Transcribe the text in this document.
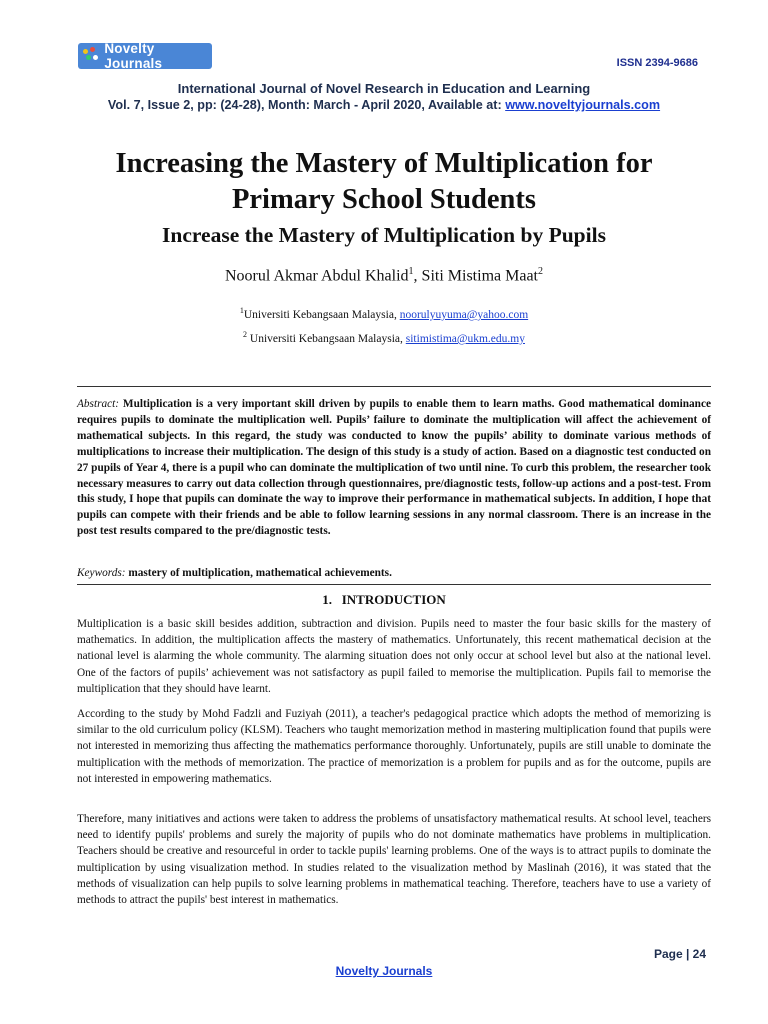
Novelty Journals	ISSN 2394-9686
International Journal of Novel Research in Education and Learning
Vol. 7, Issue 2, pp: (24-28), Month: March - April 2020, Available at: www.noveltyjournals.com
Increasing the Mastery of Multiplication for
Primary School Students
Increase the Mastery of Multiplication by Pupils
Noorul Akmar Abdul Khalid$^1$, Siti Mistima Maat$^2$
$^1$Universiti Kebangsaan Malaysia, noorulyuyuma@yahoo.com
$^2$ Universiti Kebangsaan Malaysia, sitimistima@ukm.edu.my
Abstract: Multiplication is a very important skill driven by pupils to enable them to learn maths. Good mathematical dominance requires pupils to dominate the multiplication well. Pupils’ failure to dominate the multiplication will affect the achievement of mathematical subjects. In this regard, the study was conducted to know the pupils’ ability to dominate various methods of multiplications to increase their multiplication. The design of this study is a study of action. Based on a diagnostic test conducted on 27 pupils of Year 4, there is a pupil who can dominate the multiplication of two until nine. To curb this problem, the researcher took necessary measures to carry out data collection through questionnaires, pre/diagnostic tests, follow-up actions and a post-test. From this study, I hope that pupils can dominate the way to improve their performance in mathematical subjects. In addition, I hope that pupils can compete with their friends and be able to follow learning sessions in any normal classroom. There is an increase in the post test results compared to the pre/diagnostic tests.
Keywords: mastery of multiplication, mathematical achievements.
1.   INTRODUCTION

Multiplication is a basic skill besides addition, subtraction and division. Pupils need to master the four basic skills for the mastery of mathematics. In addition, the multiplication affects the mastery of mathematics. Unfortunately, this recent mathematical decision at the national level is alarming the whole community. The alarming situation does not only occur at school level but also at the national level. One of the factors of pupils’ achievement was not satisfactory as pupil failed to memorise the multiplication. Pupils fail to memorise the multiplication that they should have learnt.

According to the study by Mohd Fadzli and Fuziyah (2011), a teacher's pedagogical practice which adopts the method of memorizing is similar to the old curriculum policy (KLSM). Teachers who taught memorization method in mastering multiplication found that pupils were not interested in memorizing thus affecting the mathematics performance thoroughly. Unfortunately, pupils are still unable to dominate the multiplication with the methods of memorization. The practice of memorization is a problem for pupils and as for the outcome, pupils are not interested in empowering mathematics.

Therefore, many initiatives and actions were taken to address the problems of unsatisfactory mathematical results. At school level, teachers need to identify pupils' problems and surely the majority of pupils who do not dominate mathematics have problems in multiplication. Teachers should be creative and resourceful in order to tackle pupils' learning problems. One of the ways is to attract pupils to dominate the multiplication by using visualization method. In studies related to the visualization method by Maslinah (2016), it was stated that the methods of visualization can help pupils to solve learning problems in mathematical teaching. Therefore, teachers have to use a variety of methods to attract the pupils' best interest in mathematics.

Page | 24
Novelty Journals
